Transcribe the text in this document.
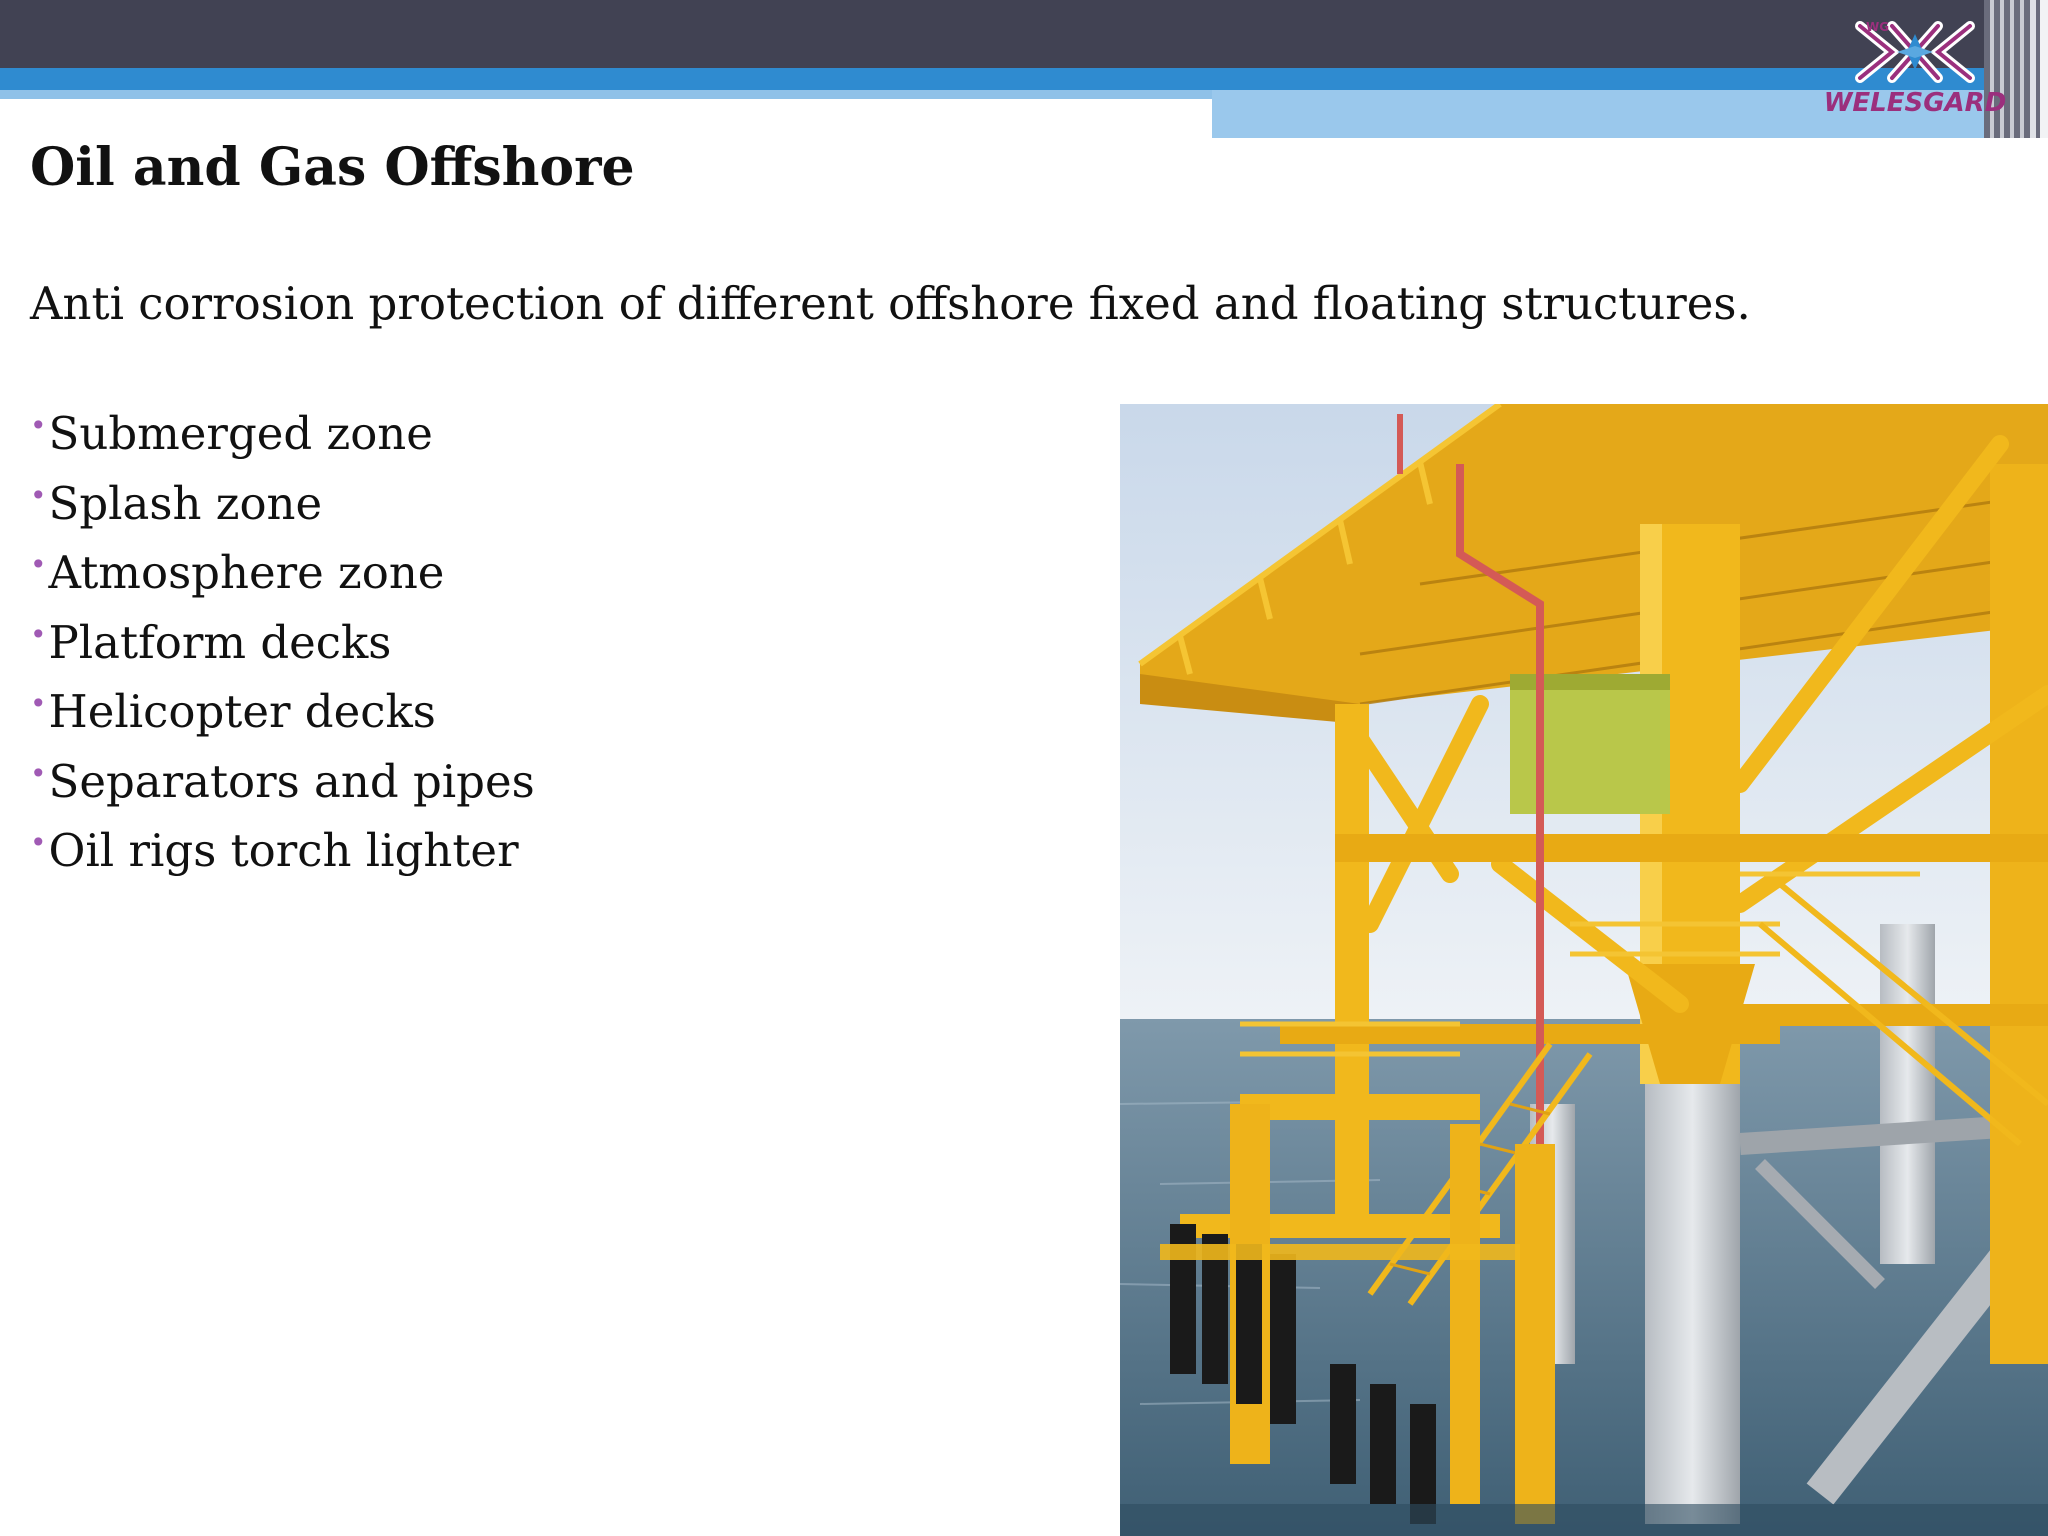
WG
WELESGARD
Oil and Gas Offshore

Anti corrosion protection of different offshore fixed and floating structures.

•Submerged zone
•Splash zone
•Atmosphere zone
•Platform decks
•Helicopter decks
•Separators and pipes
•Oil rigs torch lighter
